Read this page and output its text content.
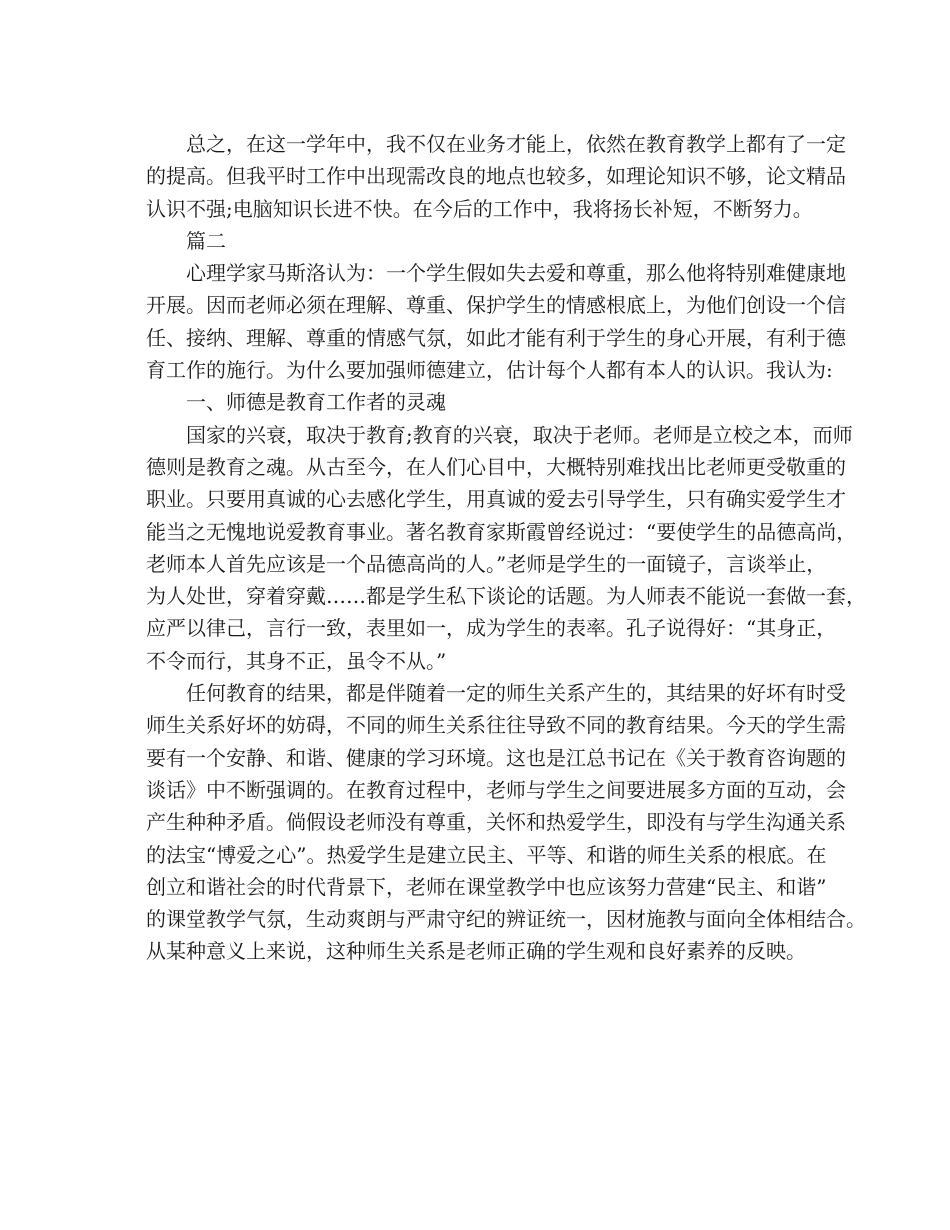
总之，在这一学年中，我不仅在业务才能上，依然在教育教学上都有了一定
的提高。但我平时工作中出现需改良的地点也较多，如理论知识不够，论文精品
认识不强;电脑知识长进不快。在今后的工作中，我将扬长补短，不断努力。
篇二
心理学家马斯洛认为：一个学生假如失去爱和尊重，那么他将特别难健康地
开展。因而老师必须在理解、尊重、保护学生的情感根底上，为他们创设一个信
任、接纳、理解、尊重的情感气氛，如此才能有利于学生的身心开展，有利于德
育工作的施行。为什么要加强师德建立，估计每个人都有本人的认识。我认为:
一、师德是教育工作者的灵魂
国家的兴衰，取决于教育;教育的兴衰，取决于老师。老师是立校之本，而师
德则是教育之魂。从古至今，在人们心目中，大概特别难找出比老师更受敬重的
职业。只要用真诚的心去感化学生，用真诚的爱去引导学生，只有确实爱学生才
能当之无愧地说爱教育事业。著名教育家斯霞曾经说过：“要使学生的品德高尚，
老师本人首先应该是一个品德高尚的人。”老师是学生的一面镜子，言谈举止，
为人处世，穿着穿戴……都是学生私下谈论的话题。为人师表不能说一套做一套，
应严以律己，言行一致，表里如一，成为学生的表率。孔子说得好：“其身正，
不令而行，其身不正，虽令不从。”
任何教育的结果，都是伴随着一定的师生关系产生的，其结果的好坏有时受
师生关系好坏的妨碍，不同的师生关系往往导致不同的教育结果。今天的学生需
要有一个安静、和谐、健康的学习环境。这也是江总书记在《关于教育咨询题的
谈话》中不断强调的。在教育过程中，老师与学生之间要进展多方面的互动，会
产生种种矛盾。倘假设老师没有尊重，关怀和热爱学生，即没有与学生沟通关系
的法宝“博爱之心”。热爱学生是建立民主、平等、和谐的师生关系的根底。在
创立和谐社会的时代背景下，老师在课堂教学中也应该努力营建“民主、和谐”
的课堂教学气氛，生动爽朗与严肃守纪的辨证统一，因材施教与面向全体相结合。
从某种意义上来说，这种师生关系是老师正确的学生观和良好素养的反映。
